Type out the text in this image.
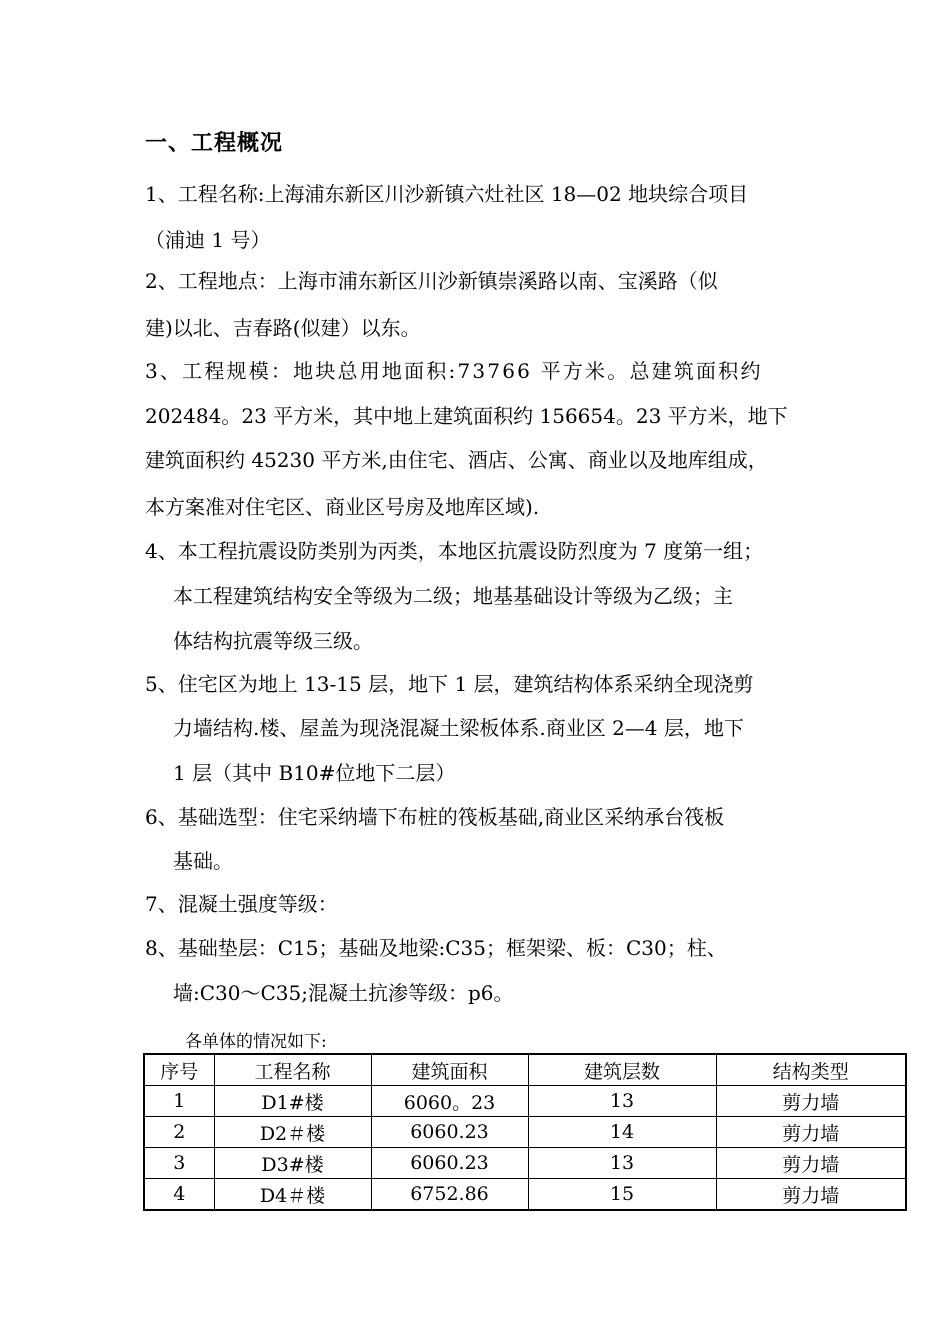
一、工程概况
1、工程名称:上海浦东新区川沙新镇六灶社区 18—02 地块综合项目
（浦迪 1 号）
2、工程地点：上海市浦东新区川沙新镇崇溪路以南、宝溪路（似
建)以北、吉春路(似建）以东。
3、工程规模：地块总用地面积:73766 平方米。总建筑面积约
202484。23 平方米，其中地上建筑面积约 156654。23 平方米，地下
建筑面积约 45230 平方米,由住宅、酒店、公寓、商业以及地库组成，
本方案准对住宅区、商业区号房及地库区域).
4、本工程抗震设防类别为丙类，本地区抗震设防烈度为 7 度第一组；
本工程建筑结构安全等级为二级；地基基础设计等级为乙级；主
体结构抗震等级三级。
5、住宅区为地上 13-15 层，地下 1 层，建筑结构体系采纳全现浇剪
力墙结构.楼、屋盖为现浇混凝土梁板体系.商业区 2—4 层，地下
1 层（其中 B10#位地下二层）
6、基础选型：住宅采纳墙下布桩的筏板基础,商业区采纳承台筏板
基础。
7、混凝土强度等级：
8、基础垫层：C15；基础及地梁:C35；框架梁、板：C30；柱、
墙:C30～C35;混凝土抗渗等级：p6。
各单体的情况如下:
序号	工程名称	建筑面积	建筑层数	结构类型
1	D1#楼	6060。23	13	剪力墙
2	D2＃楼	6060.23	14	剪力墙
3	D3#楼	6060.23	13	剪力墙
4	D4＃楼	6752.86	15	剪力墙
